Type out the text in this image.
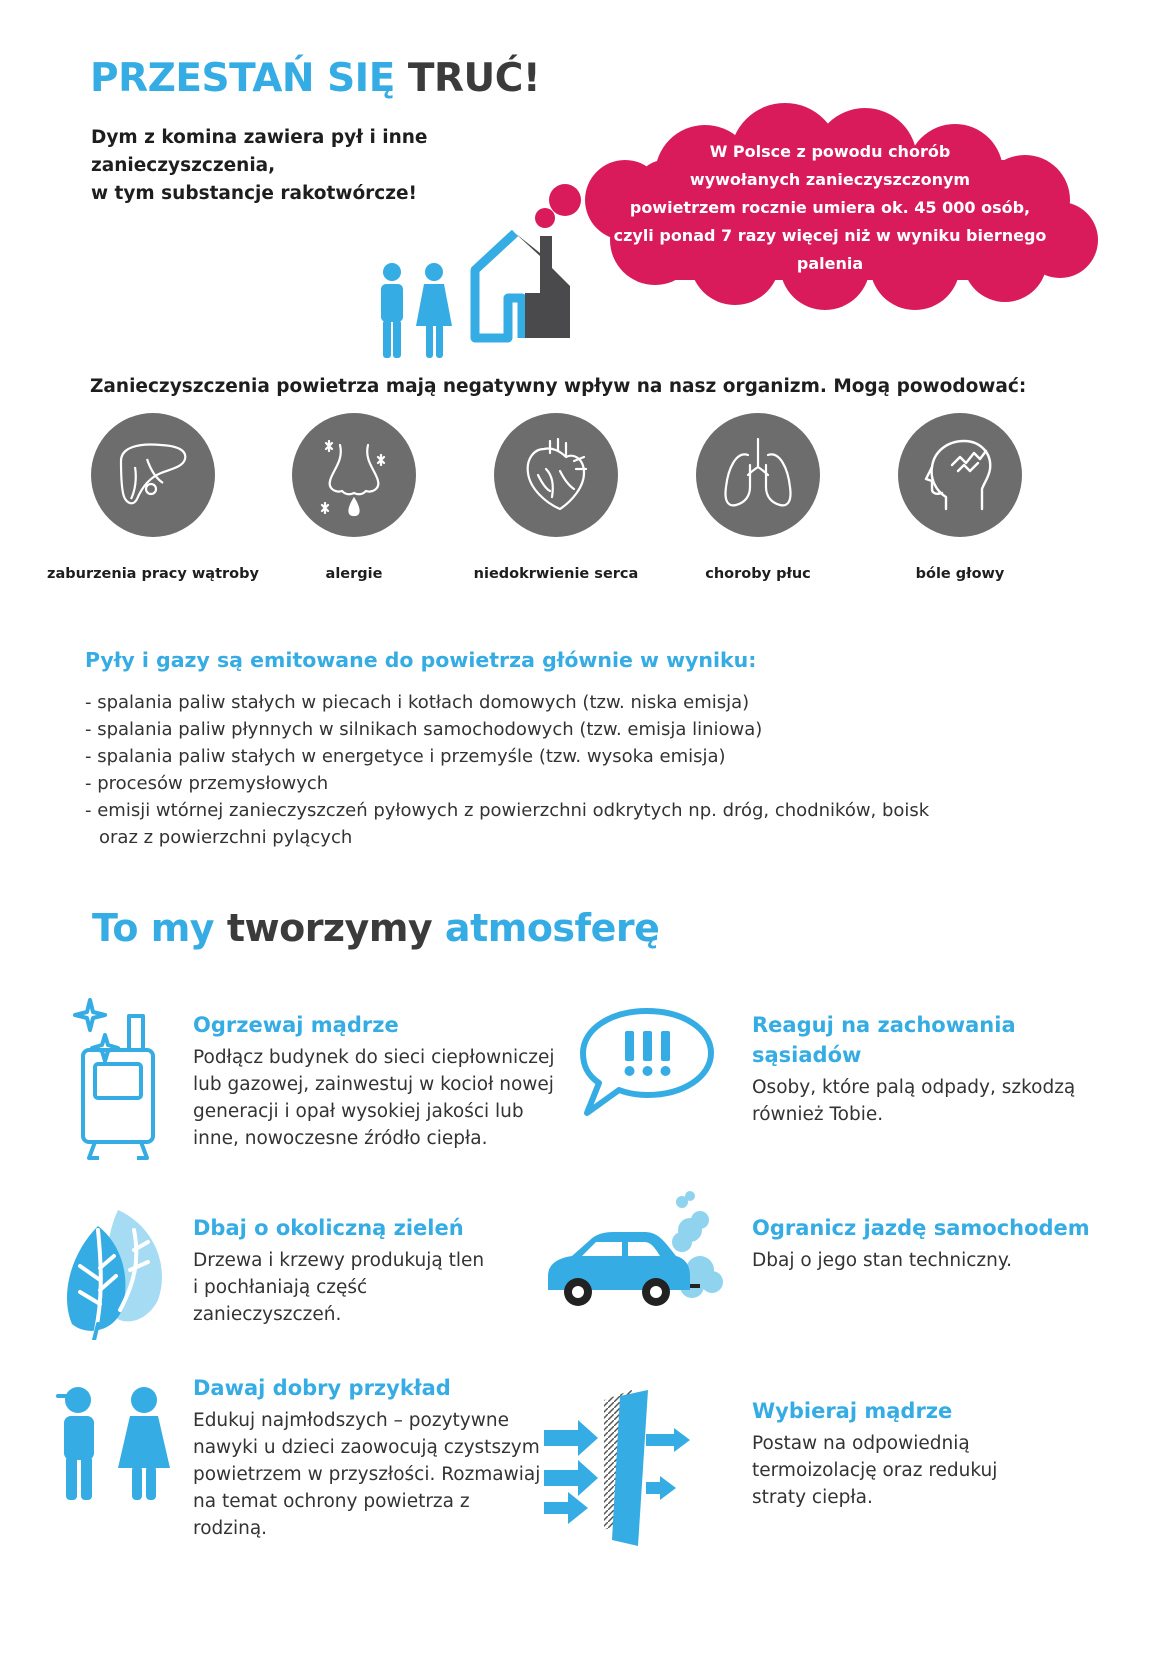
PRZESTAŃ SIĘ TRUĆ!
Dym z komina zawiera pył i inne zanieczyszczenia,
w tym substancje rakotwórcze!
W Polsce z powodu chorób
wywołanych zanieczyszczonym
powietrzem rocznie umiera ok. 45 000 osób,
czyli ponad 7 razy więcej niż w wyniku biernego palenia
Zanieczyszczenia powietrza mają negatywny wpływ na nasz organizm. Mogą powodować:
zaburzenia pracy wątroby	alergie	niedokrwienie serca	choroby płuc	bóle głowy
Pyły i gazy są emitowane do powietrza głównie w wyniku:
- spalania paliw stałych w piecach i kotłach domowych (tzw. niska emisja)
- spalania paliw płynnych w silnikach samochodowych (tzw. emisja liniowa)
- spalania paliw stałych w energetyce i przemyśle (tzw. wysoka emisja)
- procesów przemysłowych
- emisji wtórnej zanieczyszczeń pyłowych z powierzchni odkrytych np. dróg, chodników, boisk oraz z powierzchni pylących
To my tworzymy atmosferę
Ogrzewaj mądrze
Podłącz budynek do sieci ciepłowniczej lub gazowej, zainwestuj w kocioł nowej generacji i opał wysokiej jakości lub inne, nowoczesne źródło ciepła.
Reaguj na zachowania sąsiadów
Osoby, które palą odpady, szkodzą również Tobie.
Dbaj o okoliczną zieleń
Drzewa i krzewy produkują tlen i pochłaniają część zanieczyszczeń.
Ogranicz jazdę samochodem
Dbaj o jego stan techniczny.
Dawaj dobry przykład
Edukuj najmłodszych – pozytywne nawyki u dzieci zaowocują czystszym powietrzem w przyszłości. Rozmawiaj na temat ochrony powietrza z rodziną.
Wybieraj mądrze
Postaw na odpowiednią termoizolację oraz redukuj straty ciepła.
